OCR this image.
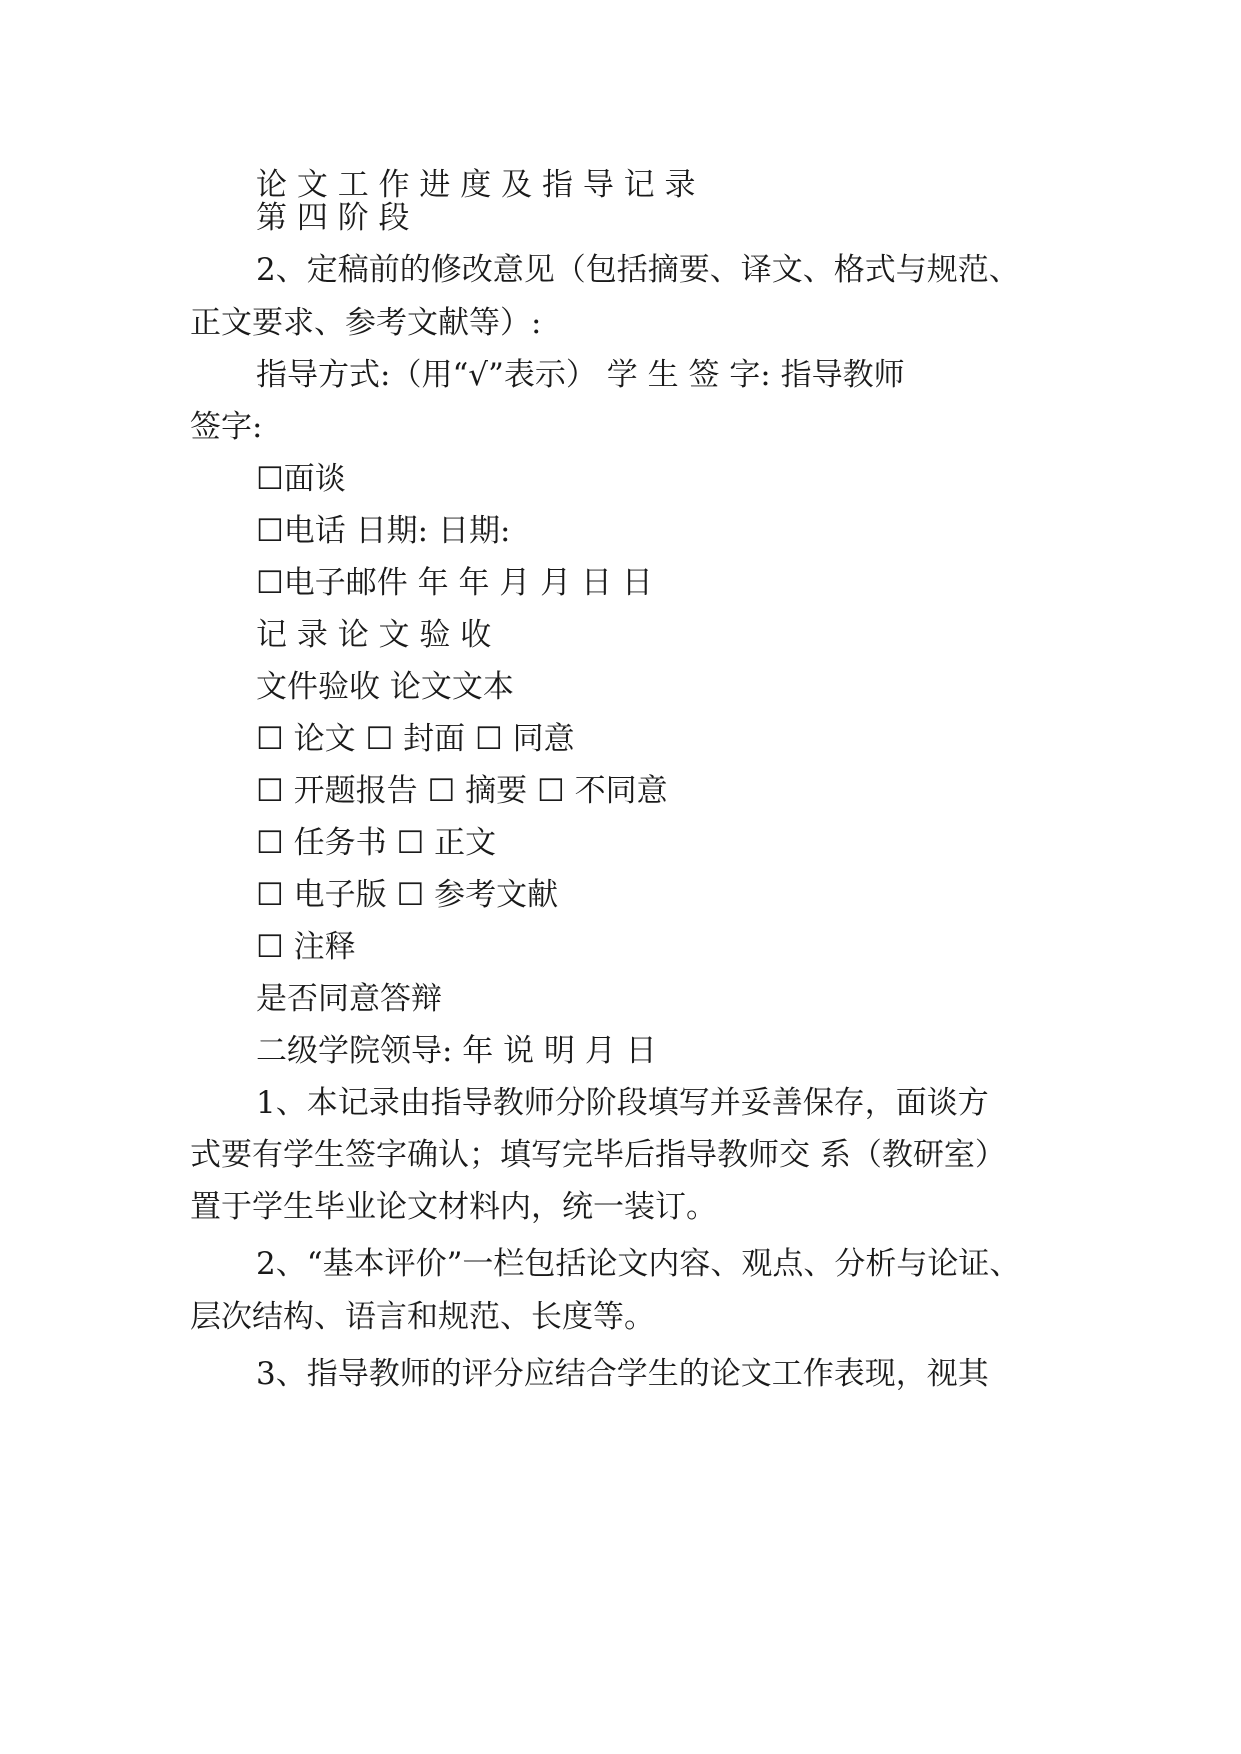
论 文 工 作 进 度 及 指 导 记 录
第 四 阶 段
2、定稿前的修改意见（包括摘要、译文、格式与规范、
正文要求、参考文献等）:
指导方式:（用“√”表示） 学 生 签 字: 指导教师
签字:
☐面谈
☐电话 日期: 日期:
☐电子邮件 年 年 月 月 日 日
记 录 论 文 验 收
文件验收 论文文本
☐ 论文 ☐ 封面 ☐ 同意
☐ 开题报告 ☐ 摘要 ☐ 不同意
☐ 任务书 ☐ 正文
☐ 电子版 ☐ 参考文献
☐ 注释
是否同意答辩
二级学院领导: 年 说 明 月 日
1、本记录由指导教师分阶段填写并妥善保存，面谈方
式要有学生签字确认；填写完毕后指导教师交 系（教研室）
置于学生毕业论文材料内，统一装订。
2、“基本评价”一栏包括论文内容、观点、分析与论证、
层次结构、语言和规范、长度等。
3、指导教师的评分应结合学生的论文工作表现，视其
